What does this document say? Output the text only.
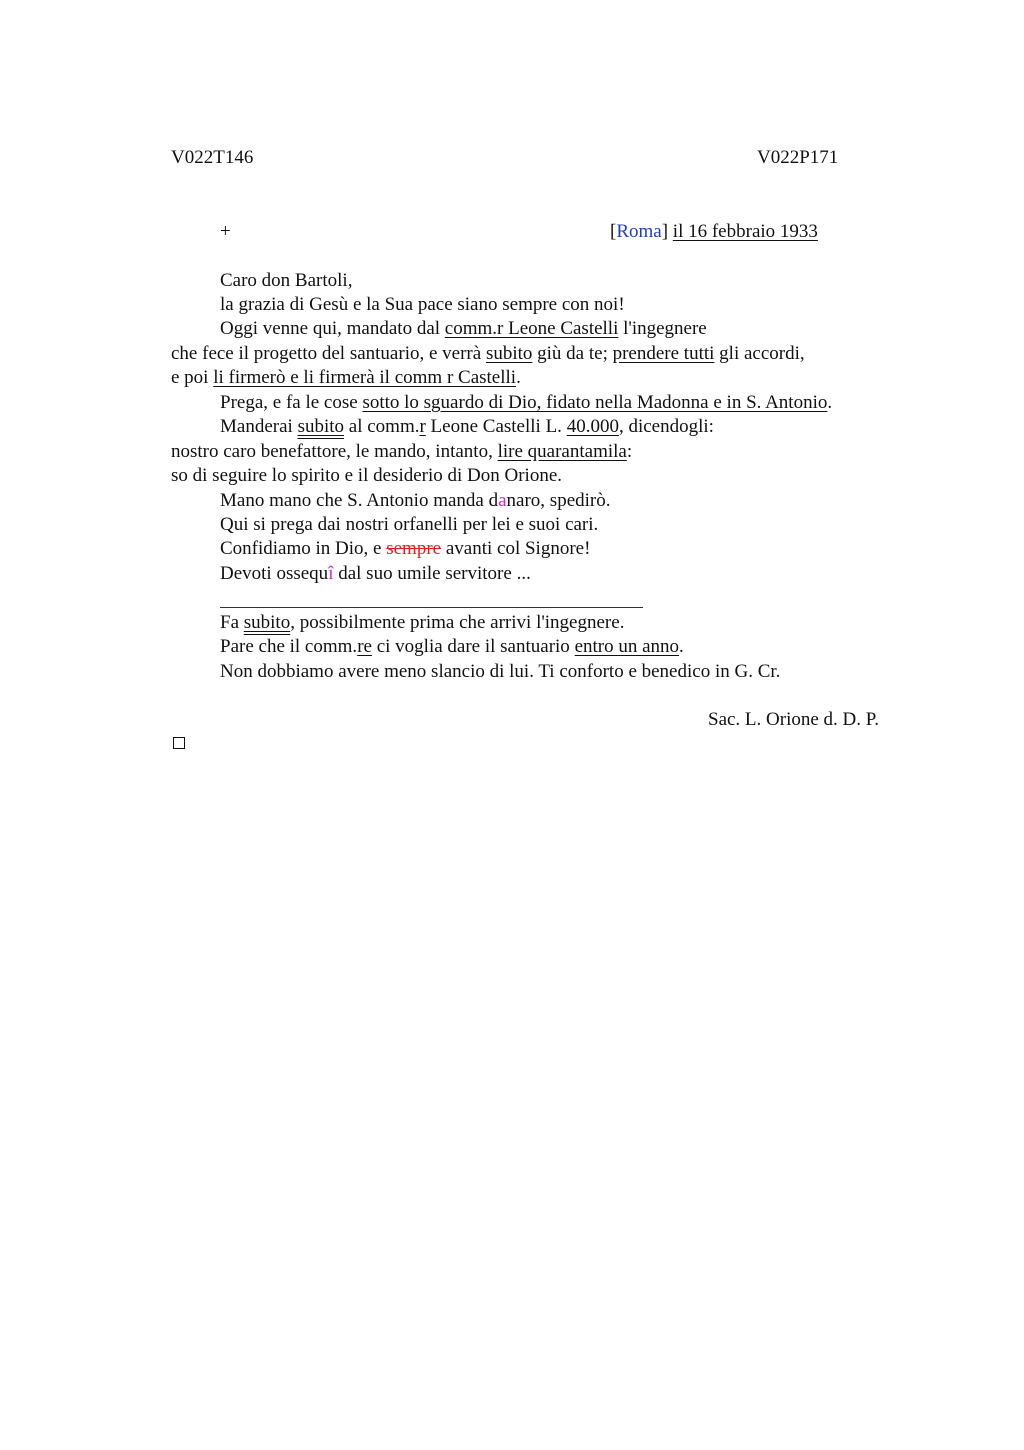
V022T146	V022P171
+	[Roma] il 16 febbraio 1933
Caro don Bartoli,
la grazia di Gesù e la Sua pace siano sempre con noi!
Oggi venne qui, mandato dal comm.r Leone Castelli l'ingegnere
che fece il progetto del santuario, e verrà subito giù da te; prendere tutti gli accordi,
e poi li firmerò e li firmerà il comm r Castelli.
Prega, e fa le cose sotto lo sguardo di Dio, fidato nella Madonna e in S. Antonio.
Manderai subito al comm.r Leone Castelli L. 40.000, dicendogli:
nostro caro benefattore, le mando, intanto, lire quarantamila:
so di seguire lo spirito e il desiderio di Don Orione.
Mano mano che S. Antonio manda danaro, spedirò.
Qui si prega dai nostri orfanelli per lei e suoi cari.
Confidiamo in Dio, e sempre avanti col Signore!
Devoti ossequî dal suo umile servitore ...
Fa subito, possibilmente prima che arrivi l'ingegnere.
Pare che il comm.re ci voglia dare il santuario entro un anno.
Non dobbiamo avere meno slancio di lui. Ti conforto e benedico in G. Cr.
Sac. L. Orione d. D. P.
